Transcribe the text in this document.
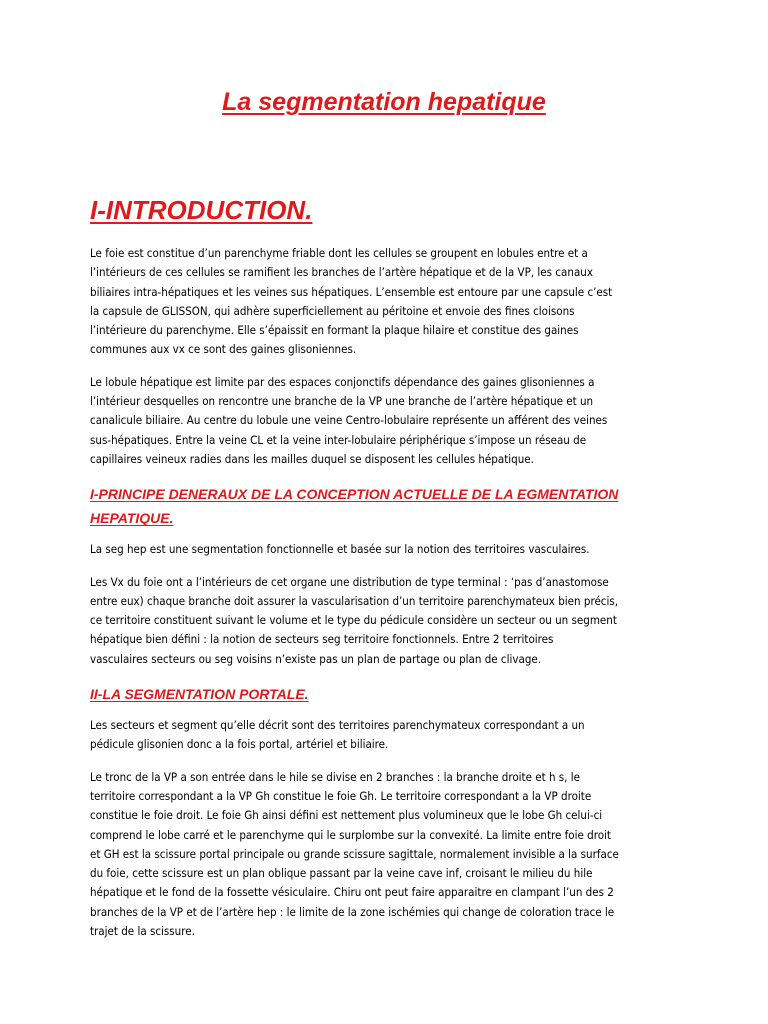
La segmentation hepatique
I-INTRODUCTION.

Le foie est constitue d’un parenchyme friable dont les cellules se groupent en lobules entre et a
l’intérieurs de ces cellules se ramifient les branches de l’artère hépatique et de la VP, les canaux
biliaires intra-hépatiques et les veines sus hépatiques. L’ensemble est entoure par une capsule c’est
la capsule de GLISSON, qui adhère superficiellement au péritoine et envoie des fines cloisons
l’intérieure du parenchyme. Elle s’épaissit en formant la plaque hilaire et constitue des gaines
communes aux vx ce sont des gaines glisoniennes.

Le lobule hépatique est limite par des espaces conjonctifs dépendance des gaines glisoniennes a
l’intérieur desquelles on rencontre une branche de la VP une branche de l’artère hépatique et un
canalicule biliaire. Au centre du lobule une veine Centro-lobulaire représente un afférent des veines
sus-hépatiques. Entre la veine CL et la veine inter-lobulaire périphérique s’impose un réseau de
capillaires veineux radies dans les mailles duquel se disposent les cellules hépatique.

I-PRINCIPE DENERAUX DE LA CONCEPTION ACTUELLE DE LA EGMENTATION
HEPATIQUE.

La seg hep est une segmentation fonctionnelle et basée sur la notion des territoires vasculaires.

Les Vx du foie ont a l’intérieurs de cet organe une distribution de type terminal : ‘pas d’anastomose
entre eux) chaque branche doit assurer la vascularisation d’un territoire parenchymateux bien précis,
ce territoire constituent suivant le volume et le type du pédicule considère un secteur ou un segment
hépatique bien défini : la notion de secteurs seg territoire fonctionnels. Entre 2 territoires
vasculaires secteurs ou seg voisins n’existe pas un plan de partage ou plan de clivage.

II-LA SEGMENTATION PORTALE.

Les secteurs et segment qu’elle décrit sont des territoires parenchymateux correspondant a un
pédicule glisonien donc a la fois portal, artériel et biliaire.

Le tronc de la VP a son entrée dans le hile se divise en 2 branches : la branche droite et h s, le
territoire correspondant a la VP Gh constitue le foie Gh. Le territoire correspondant a la VP droite
constitue le foie droit. Le foie Gh ainsi défini est nettement plus volumineux que le lobe Gh celui-ci
comprend le lobe carré et le parenchyme qui le surplombe sur la convexité. La limite entre foie droit
et GH est la scissure portal principale ou grande scissure sagittale, normalement invisible a la surface
du foie, cette scissure est un plan oblique passant par la veine cave inf, croisant le milieu du hile
hépatique et le fond de la fossette vésiculaire. Chiru ont peut faire apparaitre en clampant l’un des 2
branches de la VP et de l’artère hep : le limite de la zone ischémies qui change de coloration trace le
trajet de la scissure.
